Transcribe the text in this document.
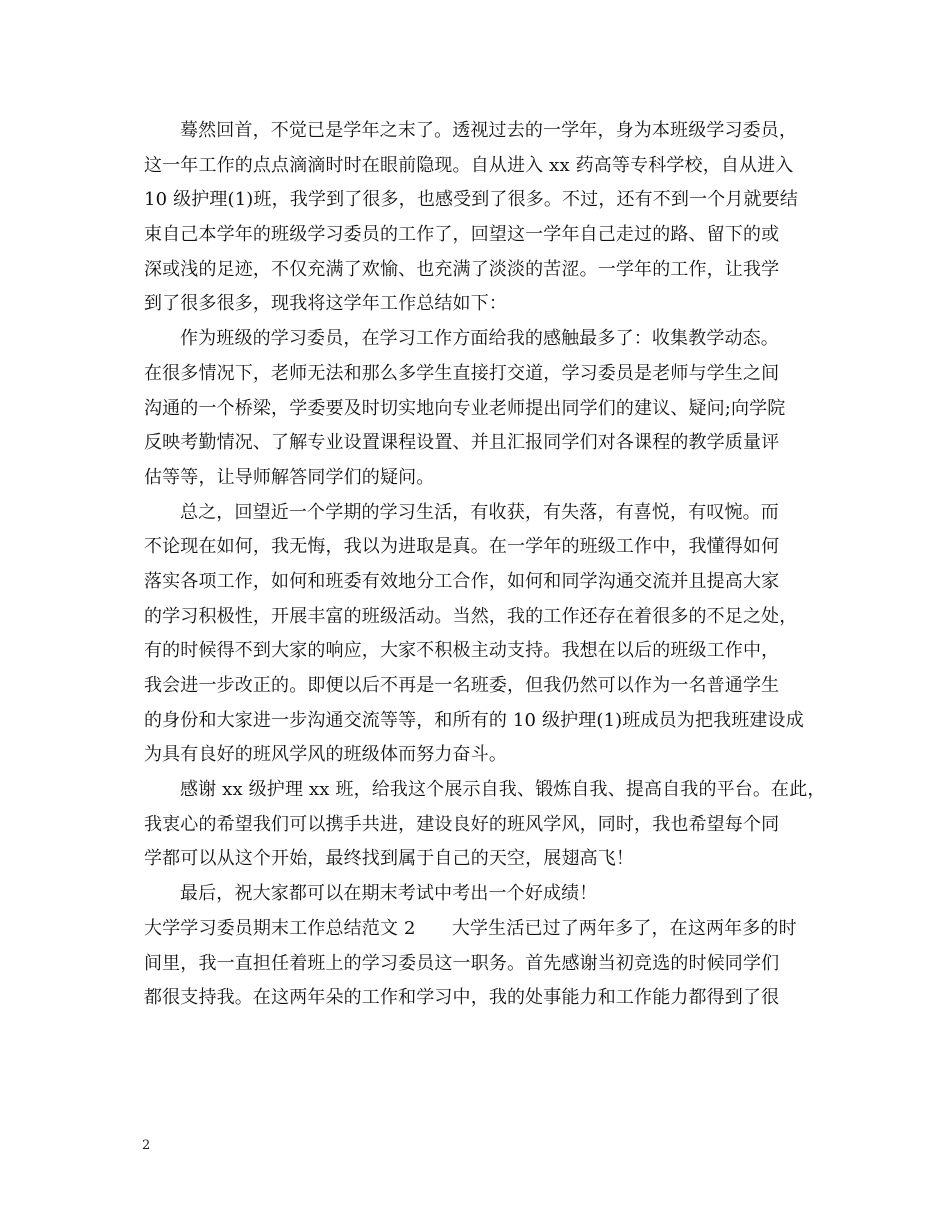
蓦然回首，不觉已是学年之末了。透视过去的一学年，身为本班级学习委员，
这一年工作的点点滴滴时时在眼前隐现。自从进入 xx 药高等专科学校，自从进入
10 级护理(1)班，我学到了很多，也感受到了很多。不过，还有不到一个月就要结
束自己本学年的班级学习委员的工作了，回望这一学年自己走过的路、留下的或
深或浅的足迹，不仅充满了欢愉、也充满了淡淡的苦涩。一学年的工作，让我学
到了很多很多，现我将这学年工作总结如下：
作为班级的学习委员，在学习工作方面给我的感触最多了：收集教学动态。
在很多情况下，老师无法和那么多学生直接打交道，学习委员是老师与学生之间
沟通的一个桥梁，学委要及时切实地向专业老师提出同学们的建议、疑问;向学院
反映考勤情况、了解专业设置课程设置、并且汇报同学们对各课程的教学质量评
估等等，让导师解答同学们的疑问。
总之，回望近一个学期的学习生活，有收获，有失落，有喜悦，有叹惋。而
不论现在如何，我无悔，我以为进取是真。在一学年的班级工作中，我懂得如何
落实各项工作，如何和班委有效地分工合作，如何和同学沟通交流并且提高大家
的学习积极性，开展丰富的班级活动。当然，我的工作还存在着很多的不足之处，
有的时候得不到大家的响应，大家不积极主动支持。我想在以后的班级工作中，
我会进一步改正的。即便以后不再是一名班委，但我仍然可以作为一名普通学生
的身份和大家进一步沟通交流等等，和所有的 10 级护理(1)班成员为把我班建设成
为具有良好的班风学风的班级体而努力奋斗。
感谢 xx 级护理 xx 班，给我这个展示自我、锻炼自我、提高自我的平台。在此，
我衷心的希望我们可以携手共进，建设良好的班风学风，同时，我也希望每个同
学都可以从这个开始，最终找到属于自己的天空，展翅高飞！
最后，祝大家都可以在期末考试中考出一个好成绩！
大学学习委员期末工作总结范文 2　　大学生活已过了两年多了，在这两年多的时
间里，我一直担任着班上的学习委员这一职务。首先感谢当初竞选的时候同学们
都很支持我。在这两年朵的工作和学习中，我的处事能力和工作能力都得到了很
2
